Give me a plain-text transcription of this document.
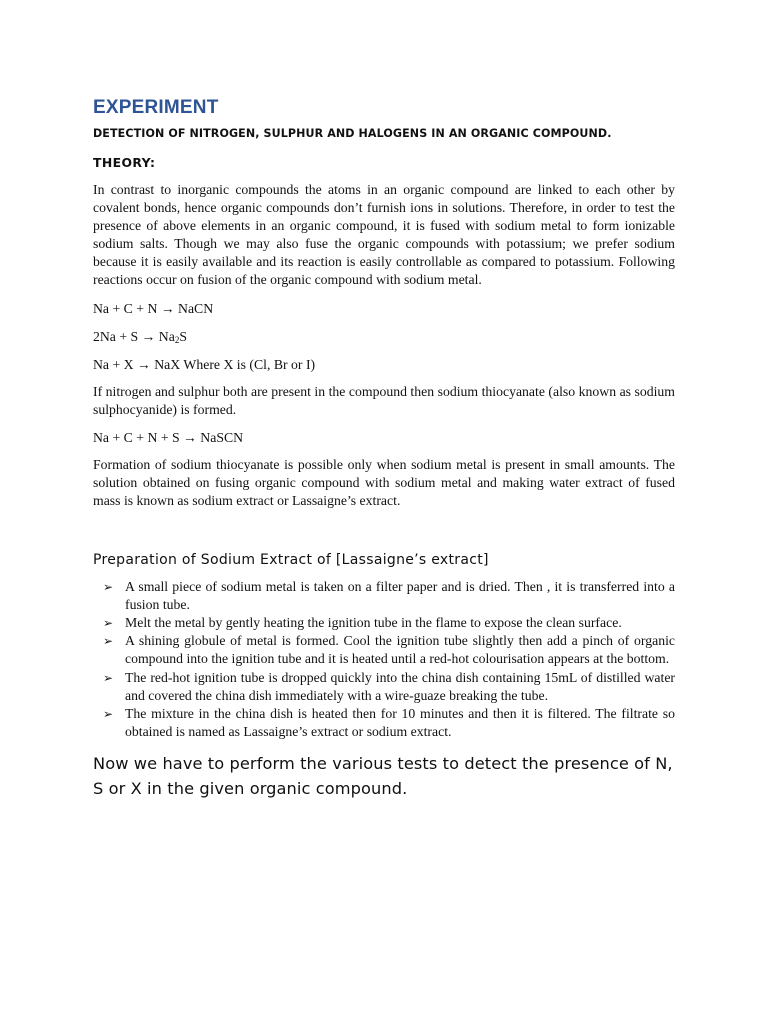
EXPERIMENT

DETECTION OF NITROGEN, SULPHUR AND HALOGENS IN AN ORGANIC COMPOUND.

THEORY:

In contrast to inorganic compounds the atoms in an organic compound are linked to each other by covalent bonds, hence organic compounds don’t furnish ions in solutions. Therefore, in order to test the presence of above elements in an organic compound, it is fused with sodium metal to form ionizable sodium salts. Though we may also fuse the organic compounds with potassium; we prefer sodium because it is easily available and its reaction is easily controllable as compared to potassium. Following reactions occur on fusion of the organic compound with sodium metal.

Na + C + N → NaCN

$2Na + S \to Na_2S$

Na + X → NaX Where X is (Cl, Br or I)

If nitrogen and sulphur both are present in the compound then sodium thiocyanate (also known as sodium sulphocyanide) is formed.

Na + C + N + S → NaSCN

Formation of sodium thiocyanate is possible only when sodium metal is present in small amounts. The solution obtained on fusing organic compound with sodium metal and making water extract of fused mass is known as sodium extract or Lassaigne’s extract.

Preparation of Sodium Extract of [Lassaigne’s extract]
➢ A small piece of sodium metal is taken on a filter paper and is dried. Then , it is transferred into a fusion tube.
➢ Melt the metal by gently heating the ignition tube in the flame to expose the clean surface.
➢ A shining globule of metal is formed. Cool the ignition tube slightly then add a pinch of organic compound into the ignition tube and it is heated until a red-hot colourisation appears at the bottom.
➢ The red-hot ignition tube is dropped quickly into the china dish containing 15mL of distilled water and covered the china dish immediately with a wire-guaze breaking the tube.
➢ The mixture in the china dish is heated then for 10 minutes and then it is filtered. The filtrate so obtained is named as Lassaigne’s extract or sodium extract.

Now we have to perform the various tests to detect the presence of N, S or X in the given organic compound.
